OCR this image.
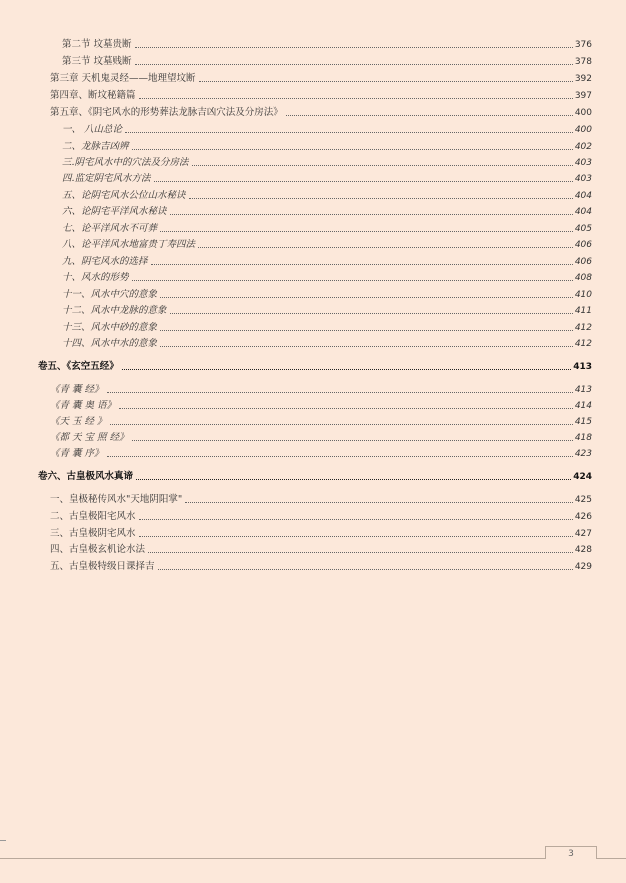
第二节 坟墓贵断	376
第三节 坟墓贱断	378
第三章 天机鬼灵经——地理望坟断	392
第四章、断坟秘籍篇	397
第五章、《阴宅风水的形势葬法龙脉吉凶穴法及分房法》	400
一、 八山总论	400
二、龙脉吉凶辨	402
三.阴宅风水中的穴法及分房法	403
四.监定阴宅风水方法	403
五、论阴宅风水公位山水秘诀	404
六、论阴宅平洋风水秘诀	404
七、论平洋风水不可葬	405
八、论平洋风水地富贵丁寿四法	406
九、阴宅风水的选择	406
十、风水的形势	408
十一、风水中穴的意象	410
十二、风水中龙脉的意象	411
十三、风水中砂的意象	412
十四、风水中水的意象	412
卷五、《玄空五经》	413
《青 囊 经》	413
《青 囊 奥 语》	414
《天 玉 经 》	415
《都 天 宝 照 经》	418
《青 囊 序》	423
卷六、古皇极风水真谛	424
一、皇极秘传风水"天地阴阳掌"	425
二、古皇极阳宅风水	426
三、古皇极阴宅风水	427
四、古皇极玄机论水法	428
五、古皇极特级日课择吉	429
3
